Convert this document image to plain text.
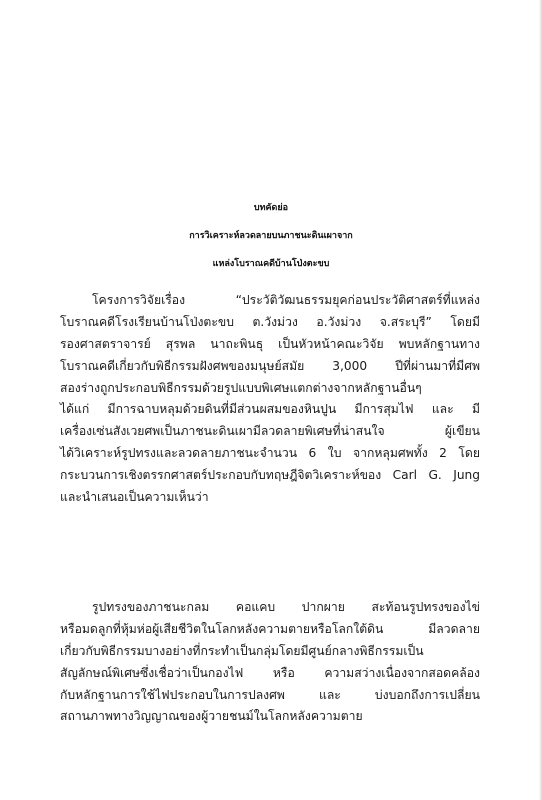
บทคัดย่อ
การวิเคราะห์ลวดลายบนภาชนะดินเผาจาก
แหล่งโบราณคดีบ้านโป่งตะขบ
โครงการวิจัยเรื่อง “ประวัติวัฒนธรรมยุคก่อนประวัติศาสตร์ที่แหล่ง
โบราณคดีโรงเรียนบ้านโป่งตะขบ ต.วังม่วง อ.วังม่วง จ.สระบุรี” โดยมี
รองศาสตราจารย์ สุรพล นาถะพินธุ เป็นหัวหน้าคณะวิจัย พบหลักฐานทาง
โบราณคดีเกี่ยวกับพิธีกรรมฝังศพของมนุษย์สมัย 3,000 ปีที่ผ่านมาที่มีศพ
สองร่างถูกประกอบพิธีกรรมด้วยรูปแบบพิเศษแตกต่างจากหลักฐานอื่นๆ
ได้แก่ มีการฉาบหลุมด้วยดินที่มีส่วนผสมของหินปูน มีการสุมไฟ และ มี
เครื่องเซ่นสังเวยศพเป็นภาชนะดินเผามีลวดลายพิเศษที่น่าสนใจ ผู้เขียน
ได้วิเคราะห์รูปทรงและลวดลายภาชนะจำนวน 6 ใบ จากหลุมศพทั้ง 2 โดย
กระบวนการเชิงตรรกศาสตร์ประกอบกับทฤษฎีจิตวิเคราะห์ของ Carl G. Jung
และนำเสนอเป็นความเห็นว่า
รูปทรงของภาชนะกลม คอแคบ ปากผาย สะท้อนรูปทรงของไข่
หรือมดลูกที่หุ้มห่อผู้เสียชีวิตในโลกหลังความตายหรือโลกใต้ดิน มีลวดลาย
เกี่ยวกับพิธีกรรมบางอย่างที่กระทำเป็นกลุ่มโดยมีศูนย์กลางพิธีกรรมเป็น
สัญลักษณ์พิเศษซึ่งเชื่อว่าเป็นกองไฟ หรือ ความสว่างเนื่องจากสอดคล้อง
กับหลักฐานการใช้ไฟประกอบในการปลงศพ และ บ่งบอกถึงการเปลี่ยน
สถานภาพทางวิญญาณของผู้วายชนม์ในโลกหลังความตาย
